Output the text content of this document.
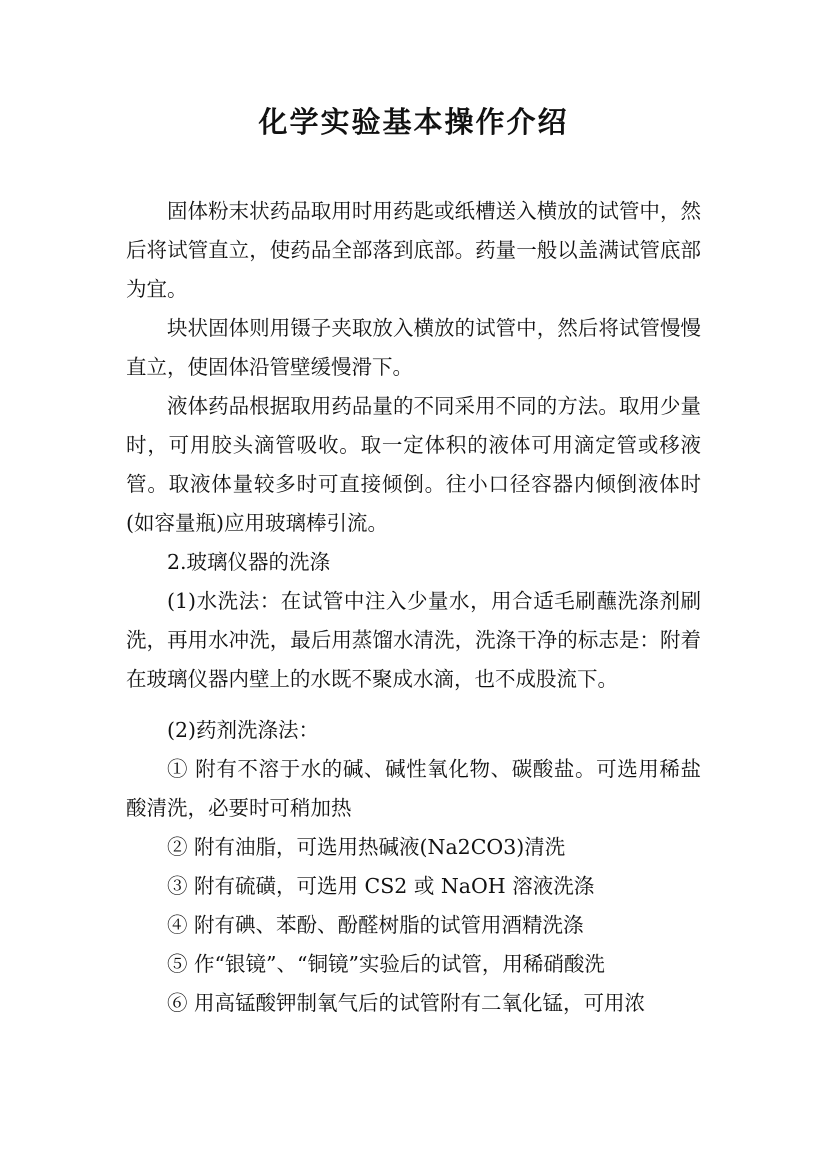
化学实验基本操作介绍

固体粉末状药品取用时用药匙或纸槽送入横放的试管中，然后将试管直立，使药品全部落到底部。药量一般以盖满试管底部为宜。

块状固体则用镊子夹取放入横放的试管中，然后将试管慢慢直立，使固体沿管壁缓慢滑下。

液体药品根据取用药品量的不同采用不同的方法。取用少量时，可用胶头滴管吸收。取一定体积的液体可用滴定管或移液管。取液体量较多时可直接倾倒。往小口径容器内倾倒液体时(如容量瓶)应用玻璃棒引流。

2.玻璃仪器的洗涤

(1)水洗法：在试管中注入少量水，用合适毛刷蘸洗涤剂刷洗，再用水冲洗，最后用蒸馏水清洗，洗涤干净的标志是：附着在玻璃仪器内壁上的水既不聚成水滴，也不成股流下。

(2)药剂洗涤法：

① 附有不溶于水的碱、碱性氧化物、碳酸盐。可选用稀盐酸清洗，必要时可稍加热

② 附有油脂，可选用热碱液(Na2CO3)清洗

③ 附有硫磺，可选用 CS2 或 NaOH 溶液洗涤

④ 附有碘、苯酚、酚醛树脂的试管用酒精洗涤

⑤ 作“银镜”、“铜镜”实验后的试管，用稀硝酸洗

⑥ 用高锰酸钾制氧气后的试管附有二氧化锰，可用浓
